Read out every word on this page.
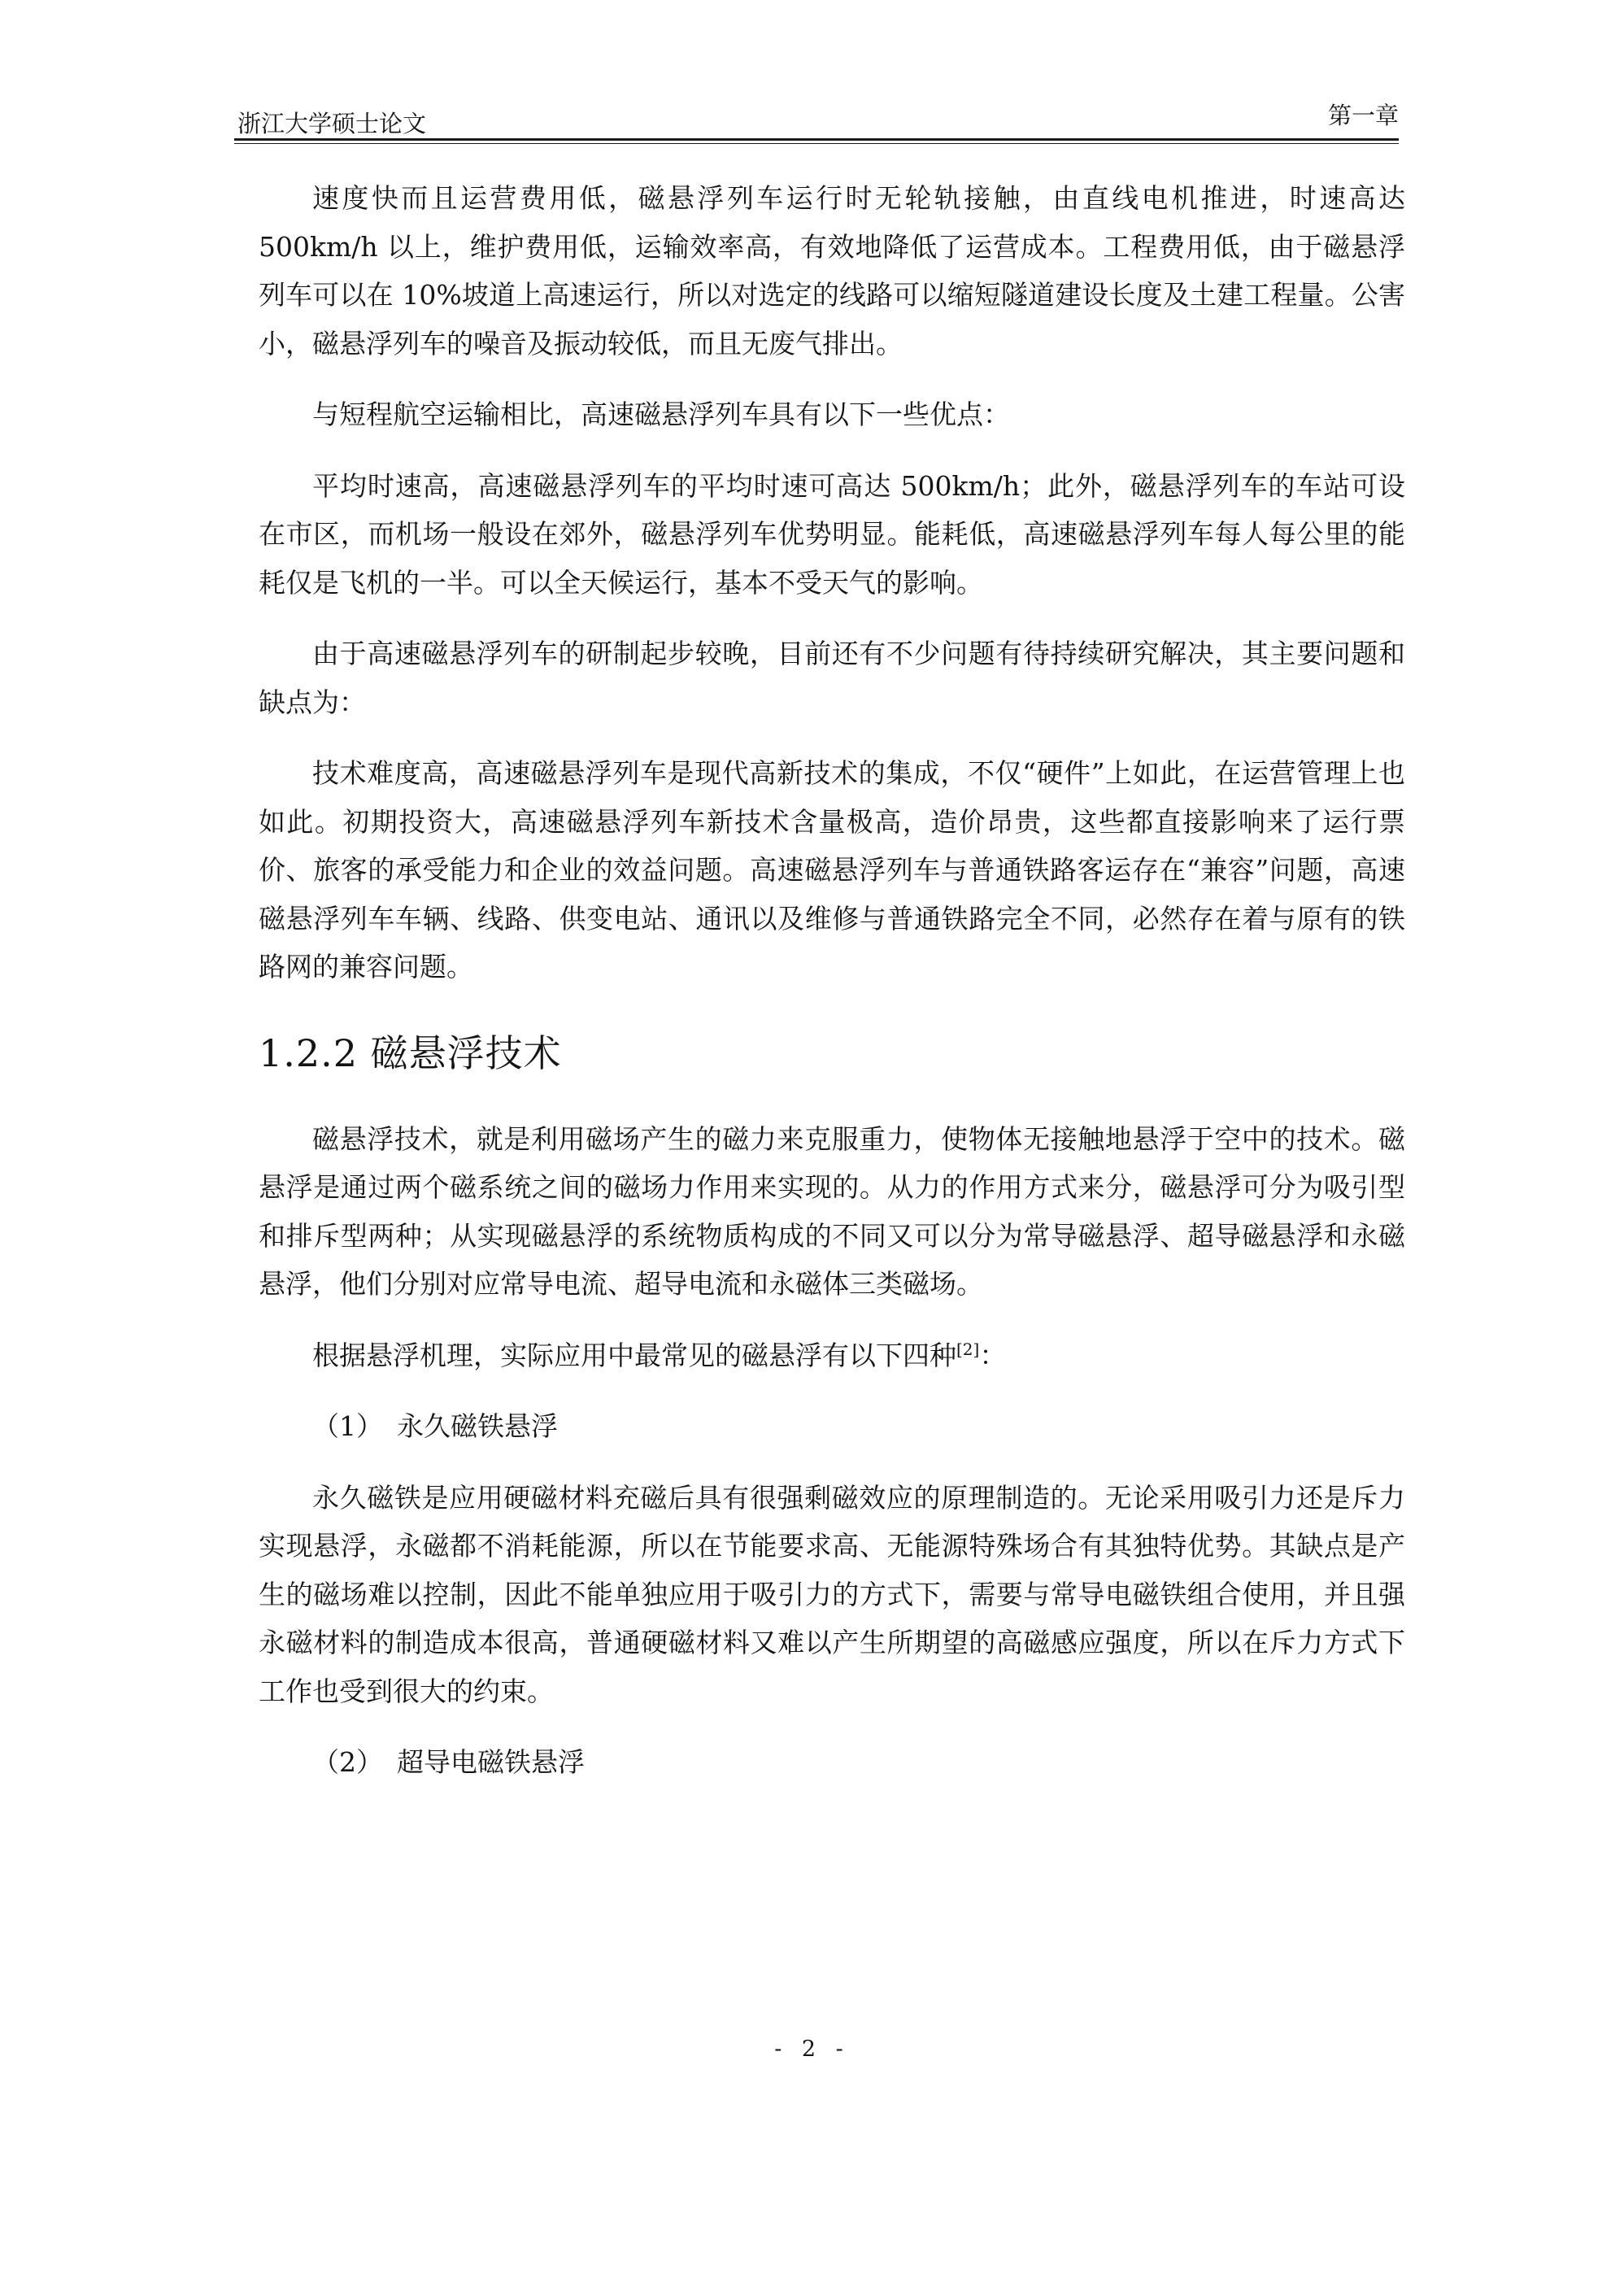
浙江大学硕士论文	第一章

速度快而且运营费用低，磁悬浮列车运行时无轮轨接触，由直线电机推进，时速高达 500km/h 以上，维护费用低，运输效率高，有效地降低了运营成本。工程费用低，由于磁悬浮列车可以在 10%坡道上高速运行，所以对选定的线路可以缩短隧道建设长度及土建工程量。公害小，磁悬浮列车的噪音及振动较低，而且无废气排出。

与短程航空运输相比，高速磁悬浮列车具有以下一些优点：

平均时速高，高速磁悬浮列车的平均时速可高达 500km/h；此外，磁悬浮列车的车站可设在市区，而机场一般设在郊外，磁悬浮列车优势明显。能耗低，高速磁悬浮列车每人每公里的能耗仅是飞机的一半。可以全天候运行，基本不受天气的影响。

由于高速磁悬浮列车的研制起步较晚，目前还有不少问题有待持续研究解决，其主要问题和缺点为：

技术难度高，高速磁悬浮列车是现代高新技术的集成，不仅“硬件”上如此，在运营管理上也如此。初期投资大，高速磁悬浮列车新技术含量极高，造价昂贵，这些都直接影响来了运行票价、旅客的承受能力和企业的效益问题。高速磁悬浮列车与普通铁路客运存在“兼容”问题，高速磁悬浮列车车辆、线路、供变电站、通讯以及维修与普通铁路完全不同，必然存在着与原有的铁路网的兼容问题。

1.2.2 磁悬浮技术

磁悬浮技术，就是利用磁场产生的磁力来克服重力，使物体无接触地悬浮于空中的技术。磁悬浮是通过两个磁系统之间的磁场力作用来实现的。从力的作用方式来分，磁悬浮可分为吸引型和排斥型两种；从实现磁悬浮的系统物质构成的不同又可以分为常导磁悬浮、超导磁悬浮和永磁悬浮，他们分别对应常导电流、超导电流和永磁体三类磁场。

根据悬浮机理，实际应用中最常见的磁悬浮有以下四种[2]：

（1） 永久磁铁悬浮

永久磁铁是应用硬磁材料充磁后具有很强剩磁效应的原理制造的。无论采用吸引力还是斥力实现悬浮，永磁都不消耗能源，所以在节能要求高、无能源特殊场合有其独特优势。其缺点是产生的磁场难以控制，因此不能单独应用于吸引力的方式下，需要与常导电磁铁组合使用，并且强永磁材料的制造成本很高，普通硬磁材料又难以产生所期望的高磁感应强度，所以在斥力方式下工作也受到很大的约束。

（2） 超导电磁铁悬浮

- 2 -
